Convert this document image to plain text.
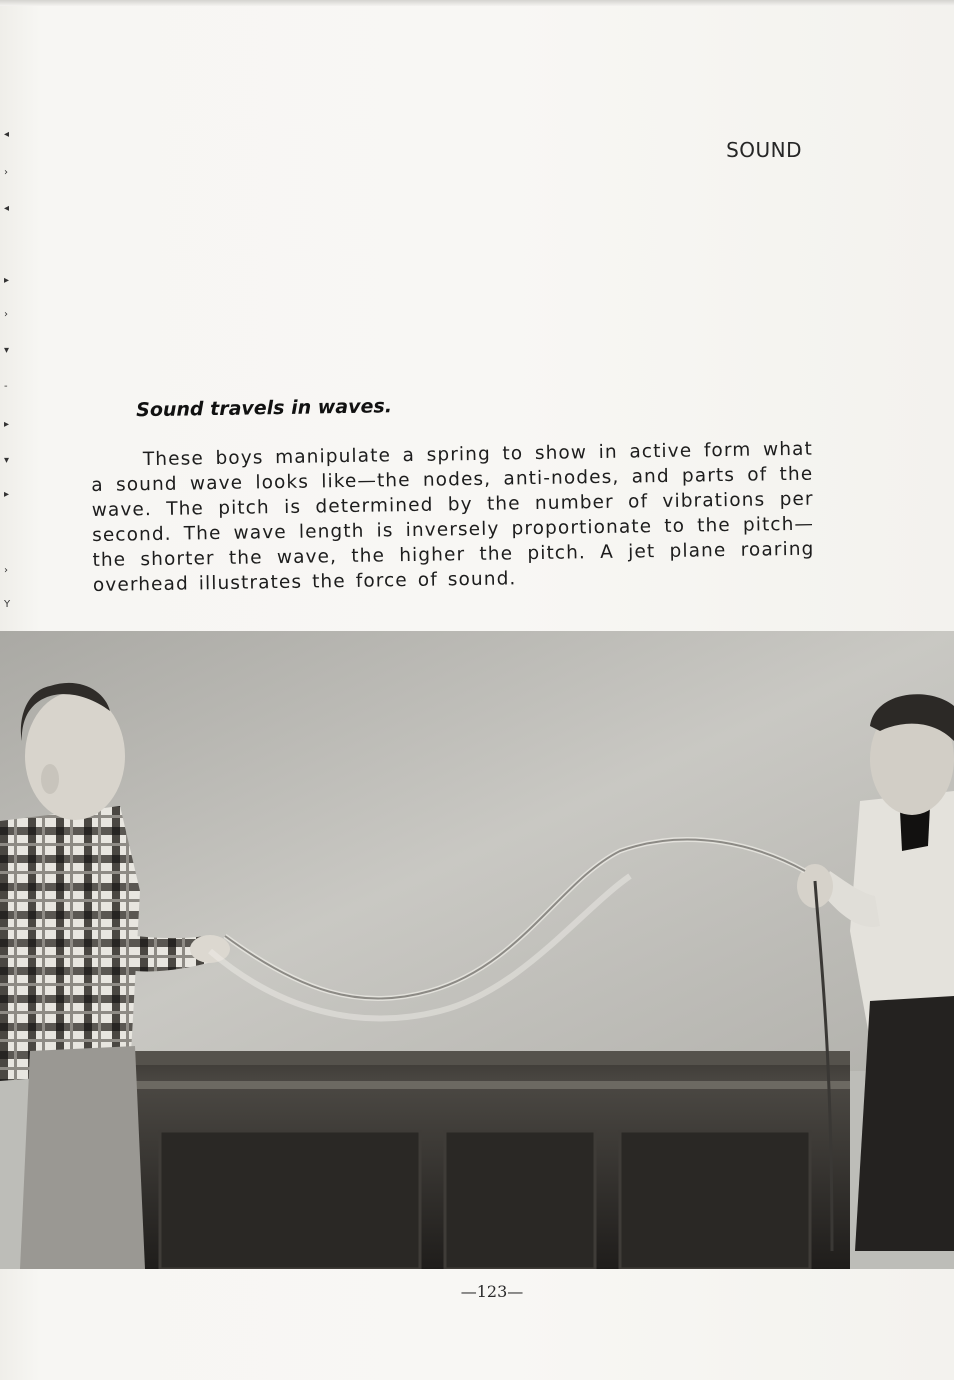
◂
›
◂
▸
›
▾
‐
▸
▾
▸
›
Y
SOUND
Sound travels in waves.

These boys manipulate a spring to show in active form what a sound wave looks like—the nodes, anti-nodes, and parts of the wave. The pitch is determined by the number of vibrations per second. The wave length is inversely proportionate to the pitch—the shorter the wave, the higher the pitch. A jet plane roaring overhead illustrates the force of sound.

—123—
